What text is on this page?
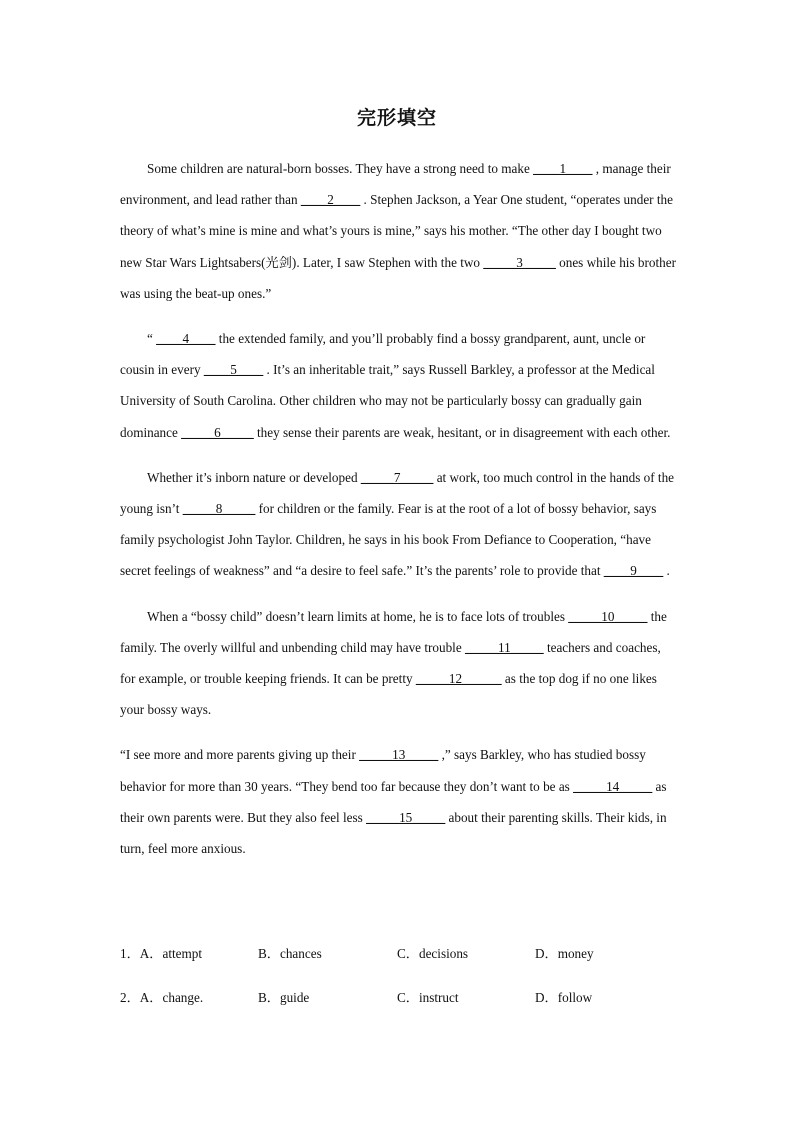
完形填空

Some children are natural-born bosses. They have a strong need to make ____1____ , manage their environment, and lead rather than ____2____ . Stephen Jackson, a Year One student, “operates under the theory of what’s mine is mine and what’s yours is mine,” says his mother. “The other day I bought two new Star Wars Lightsabers(光剑). Later, I saw Stephen with the two _____3_____ ones while his brother was using the beat-up ones.”

“ ____4____ the extended family, and you’ll probably find a bossy grandparent, aunt, uncle or cousin in every ____5____ . It’s an inheritable trait,” says Russell Barkley, a professor at the Medical University of South Carolina. Other children who may not be particularly bossy can gradually gain dominance _____6_____ they sense their parents are weak, hesitant, or in disagreement with each other.

Whether it’s inborn nature or developed _____7_____ at work, too much control in the hands of the young isn’t _____8_____ for children or the family. Fear is at the root of a lot of bossy behavior, says family psychologist John Taylor. Children, he says in his book From Defiance to Cooperation, “have secret feelings of weakness” and “a desire to feel safe.” It’s the parents’ role to provide that ____9____ .

When a “bossy child” doesn’t learn limits at home, he is to face lots of troubles _____10_____ the family. The overly willful and unbending child may have trouble _____11_____ teachers and coaches, for example, or trouble keeping friends. It can be pretty _____12______ as the top dog if no one likes your bossy ways.

“I see more and more parents giving up their _____13_____ ,” says Barkley, who has studied bossy behavior for more than 30 years. “They bend too far because they don’t want to be as _____14_____ as their own parents were. But they also feel less _____15_____ about their parenting skills. Their kids, in turn, feel more anxious.

1．A．attempt	B．chances	C．decisions	D．money
2．A．change.	B．guide	C．instruct	D．follow
